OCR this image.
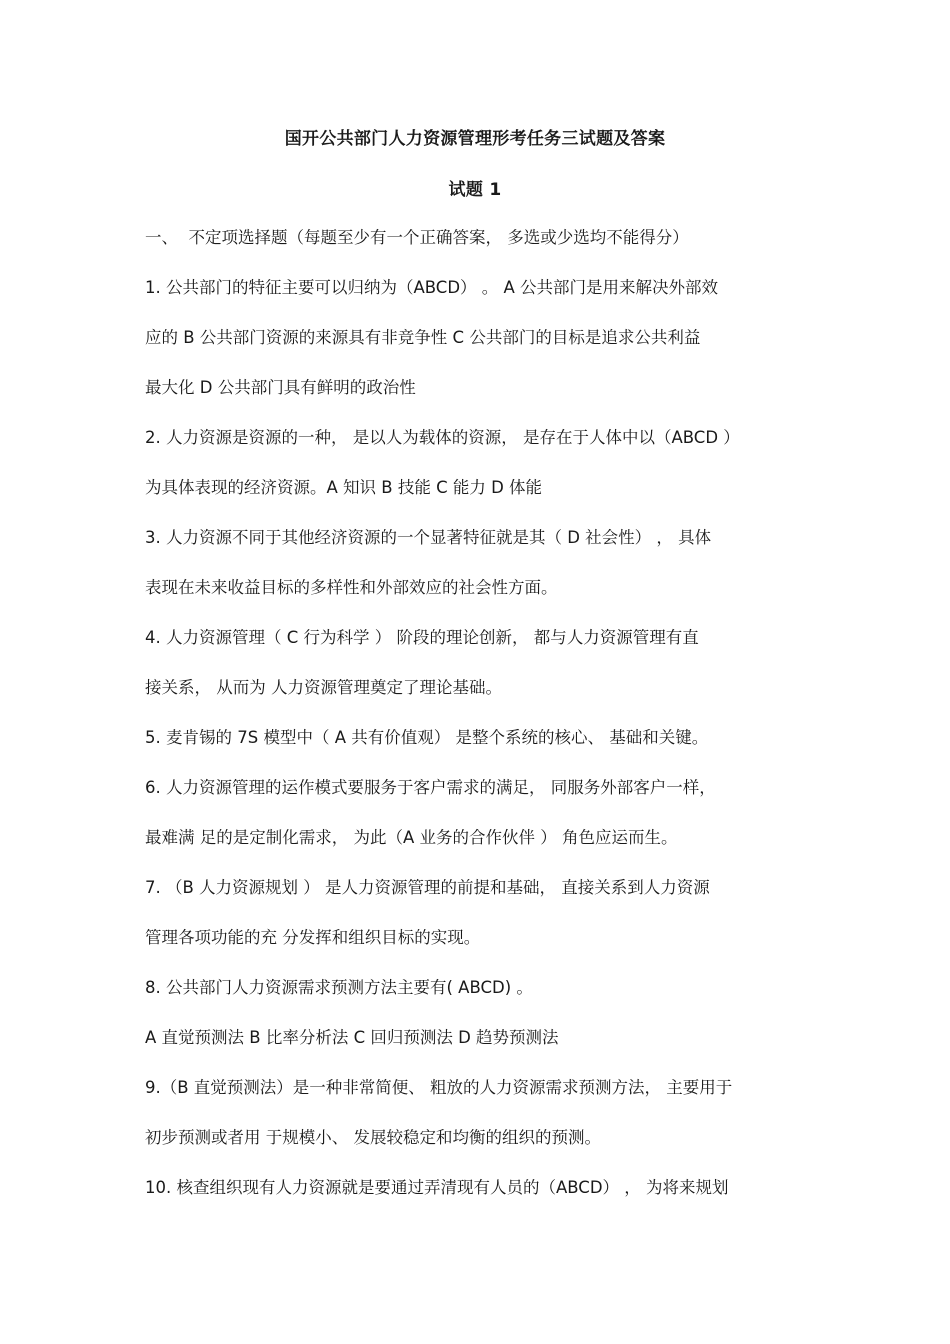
国开公共部门人力资源管理形考任务三试题及答案
试题 1
一、  不定项选择题（每题至少有一个正确答案， 多选或少选均不能得分）
1. 公共部门的特征主要可以归纳为（ABCD） 。 A 公共部门是用来解决外部效
应的 B 公共部门资源的来源具有非竞争性 C 公共部门的目标是追求公共利益
最大化 D 公共部门具有鲜明的政治性
2. 人力资源是资源的一种， 是以人为载体的资源， 是存在于人体中以（ABCD ）
为具体表现的经济资源。A 知识 B 技能 C 能力 D 体能
3. 人力资源不同于其他经济资源的一个显著特征就是其（ D 社会性） ， 具体
表现在未来收益目标的多样性和外部效应的社会性方面。
4. 人力资源管理（ C 行为科学 ） 阶段的理论创新， 都与人力资源管理有直
接关系， 从而为 人力资源管理奠定了理论基础。
5. 麦肯锡的 7S 模型中（ A 共有价值观） 是整个系统的核心、 基础和关键。
6. 人力资源管理的运作模式要服务于客户需求的满足， 同服务外部客户一样，
最难满 足的是定制化需求， 为此（A 业务的合作伙伴 ） 角色应运而生。
7. （B 人力资源规划 ） 是人力资源管理的前提和基础， 直接关系到人力资源
管理各项功能的充 分发挥和组织目标的实现。
8. 公共部门人力资源需求预测方法主要有( ABCD) 。
A 直觉预测法 B 比率分析法 C 回归预测法 D 趋势预测法
9.（B 直觉预测法）是一种非常简便、 粗放的人力资源需求预测方法， 主要用于
初步预测或者用 于规模小、 发展较稳定和均衡的组织的预测。
10. 核查组织现有人力资源就是要通过弄清现有人员的（ABCD） ， 为将来规划
